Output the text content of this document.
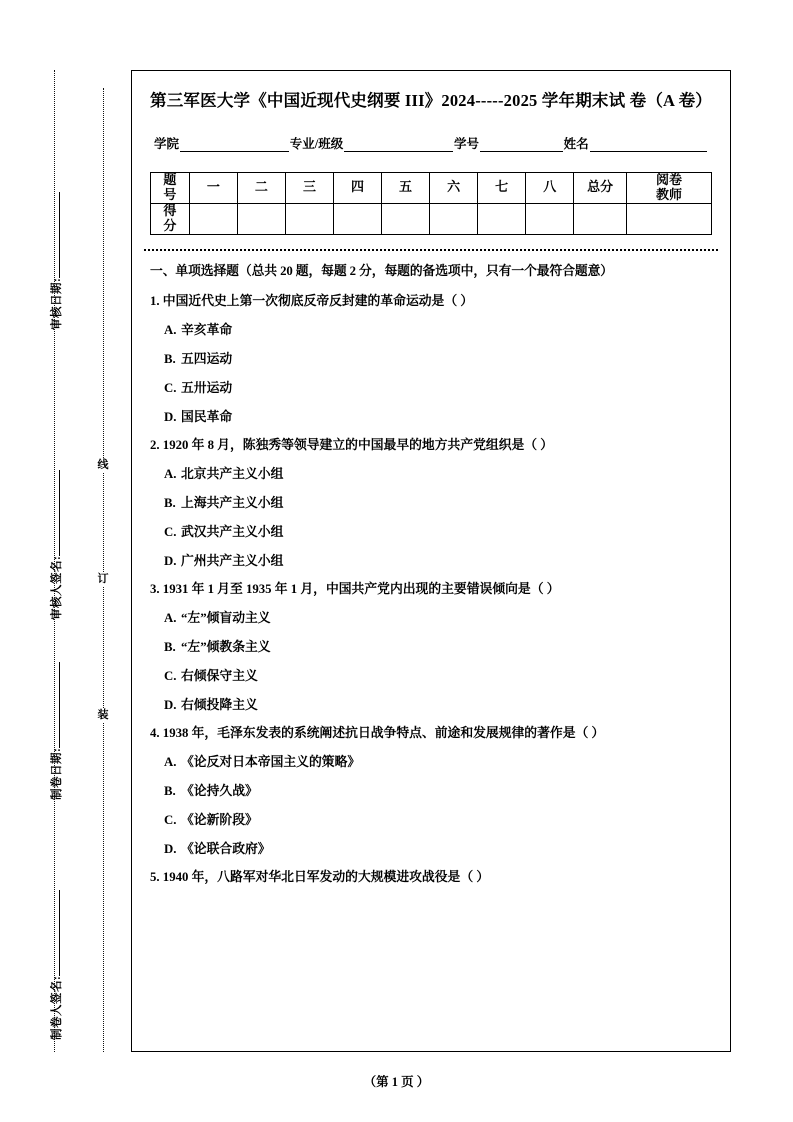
审核日期:
审核人签名:
制卷日期:
制卷人签名:
线
订
装
第三军医大学《中国近现代史纲要 III》2024-----2025 学年期末试 卷（A 卷）
学院	专业/班级	学号	姓名
题
号	一	二	三	四	五	六	七	八	总分	阅卷
教师

得
分										

一、单项选择题（总共 20 题，每题 2 分，每题的备选项中，只有一个最符合题意）
1. 中国近代史上第一次彻底反帝反封建的革命运动是（ ）
A. 辛亥革命
B. 五四运动
C. 五卅运动
D. 国民革命
2. 1920 年 8 月，陈独秀等领导建立的中国最早的地方共产党组织是（ ）
A. 北京共产主义小组
B. 上海共产主义小组
C. 武汉共产主义小组
D. 广州共产主义小组
3. 1931 年 1 月至 1935 年 1 月，中国共产党内出现的主要错误倾向是（ ）
A. “左”倾盲动主义
B. “左”倾教条主义
C. 右倾保守主义
D. 右倾投降主义
4. 1938 年，毛泽东发表的系统阐述抗日战争特点、前途和发展规律的著作是（ ）
A. 《论反对日本帝国主义的策略》
B. 《论持久战》
C. 《论新阶段》
D. 《论联合政府》
5. 1940 年，八路军对华北日军发动的大规模进攻战役是（ ）
（第 1 页 ）
